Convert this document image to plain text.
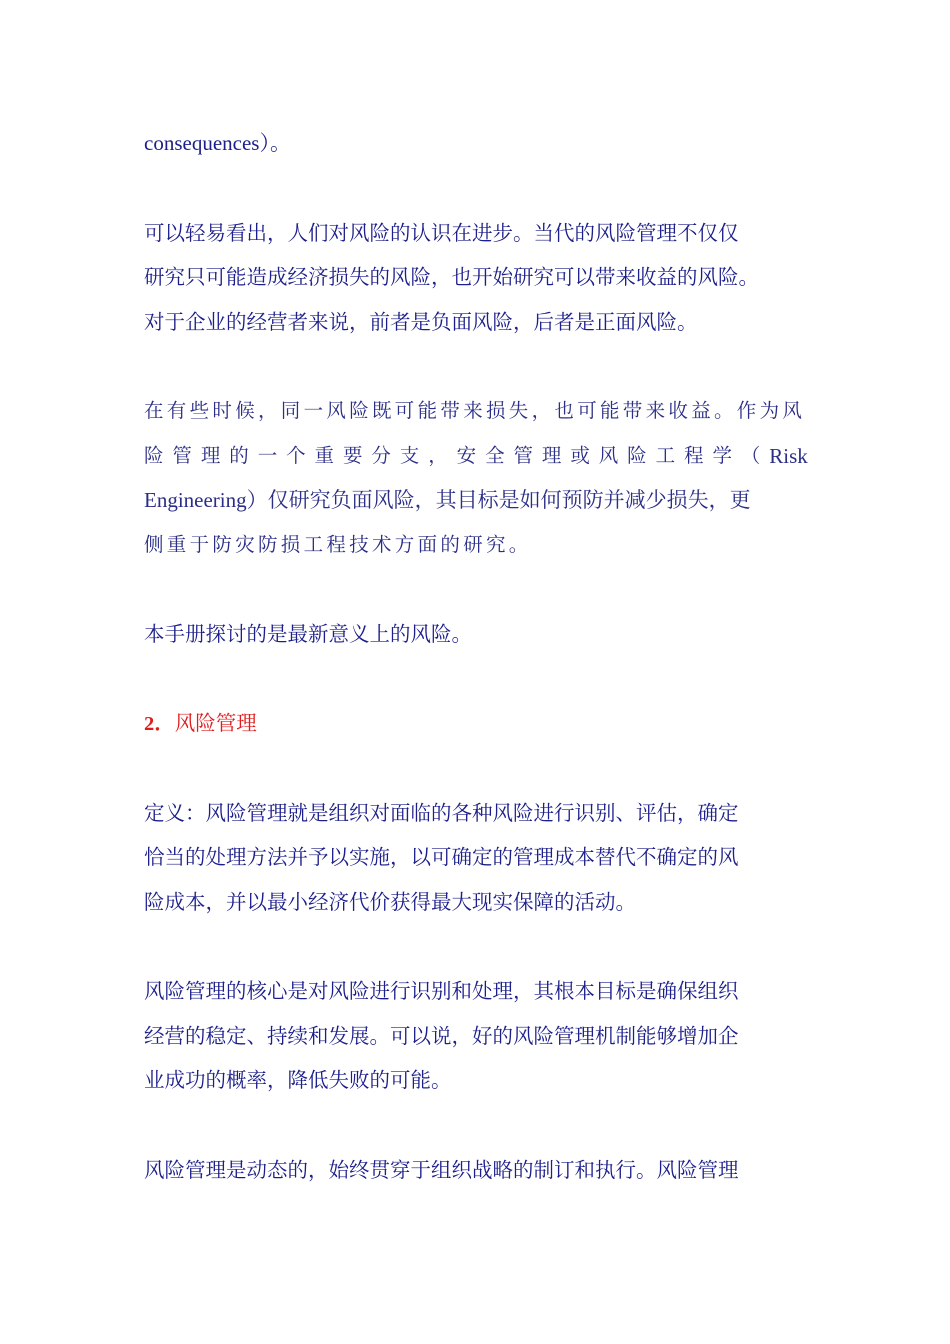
consequences）。
可以轻易看出，人们对风险的认识在进步。当代的风险管理不仅仅
研究只可能造成经济损失的风险，也开始研究可以带来收益的风险。
对于企业的经营者来说，前者是负面风险，后者是正面风险。
在有些时候，同一风险既可能带来损失，也可能带来收益。作为风
险 管 理 的 一 个 重 要 分 支 ， 安 全 管 理 或 风 险 工 程 学 （ Risk
Engineering）仅研究负面风险，其目标是如何预防并减少损失，更
侧重于防灾防损工程技术方面的研究。
本手册探讨的是最新意义上的风险。
2．风险管理
定义：风险管理就是组织对面临的各种风险进行识别、评估，确定
恰当的处理方法并予以实施，以可确定的管理成本替代不确定的风
险成本，并以最小经济代价获得最大现实保障的活动。
风险管理的核心是对风险进行识别和处理，其根本目标是确保组织
经营的稳定、持续和发展。可以说，好的风险管理机制能够增加企
业成功的概率，降低失败的可能。
风险管理是动态的，始终贯穿于组织战略的制订和执行。风险管理
